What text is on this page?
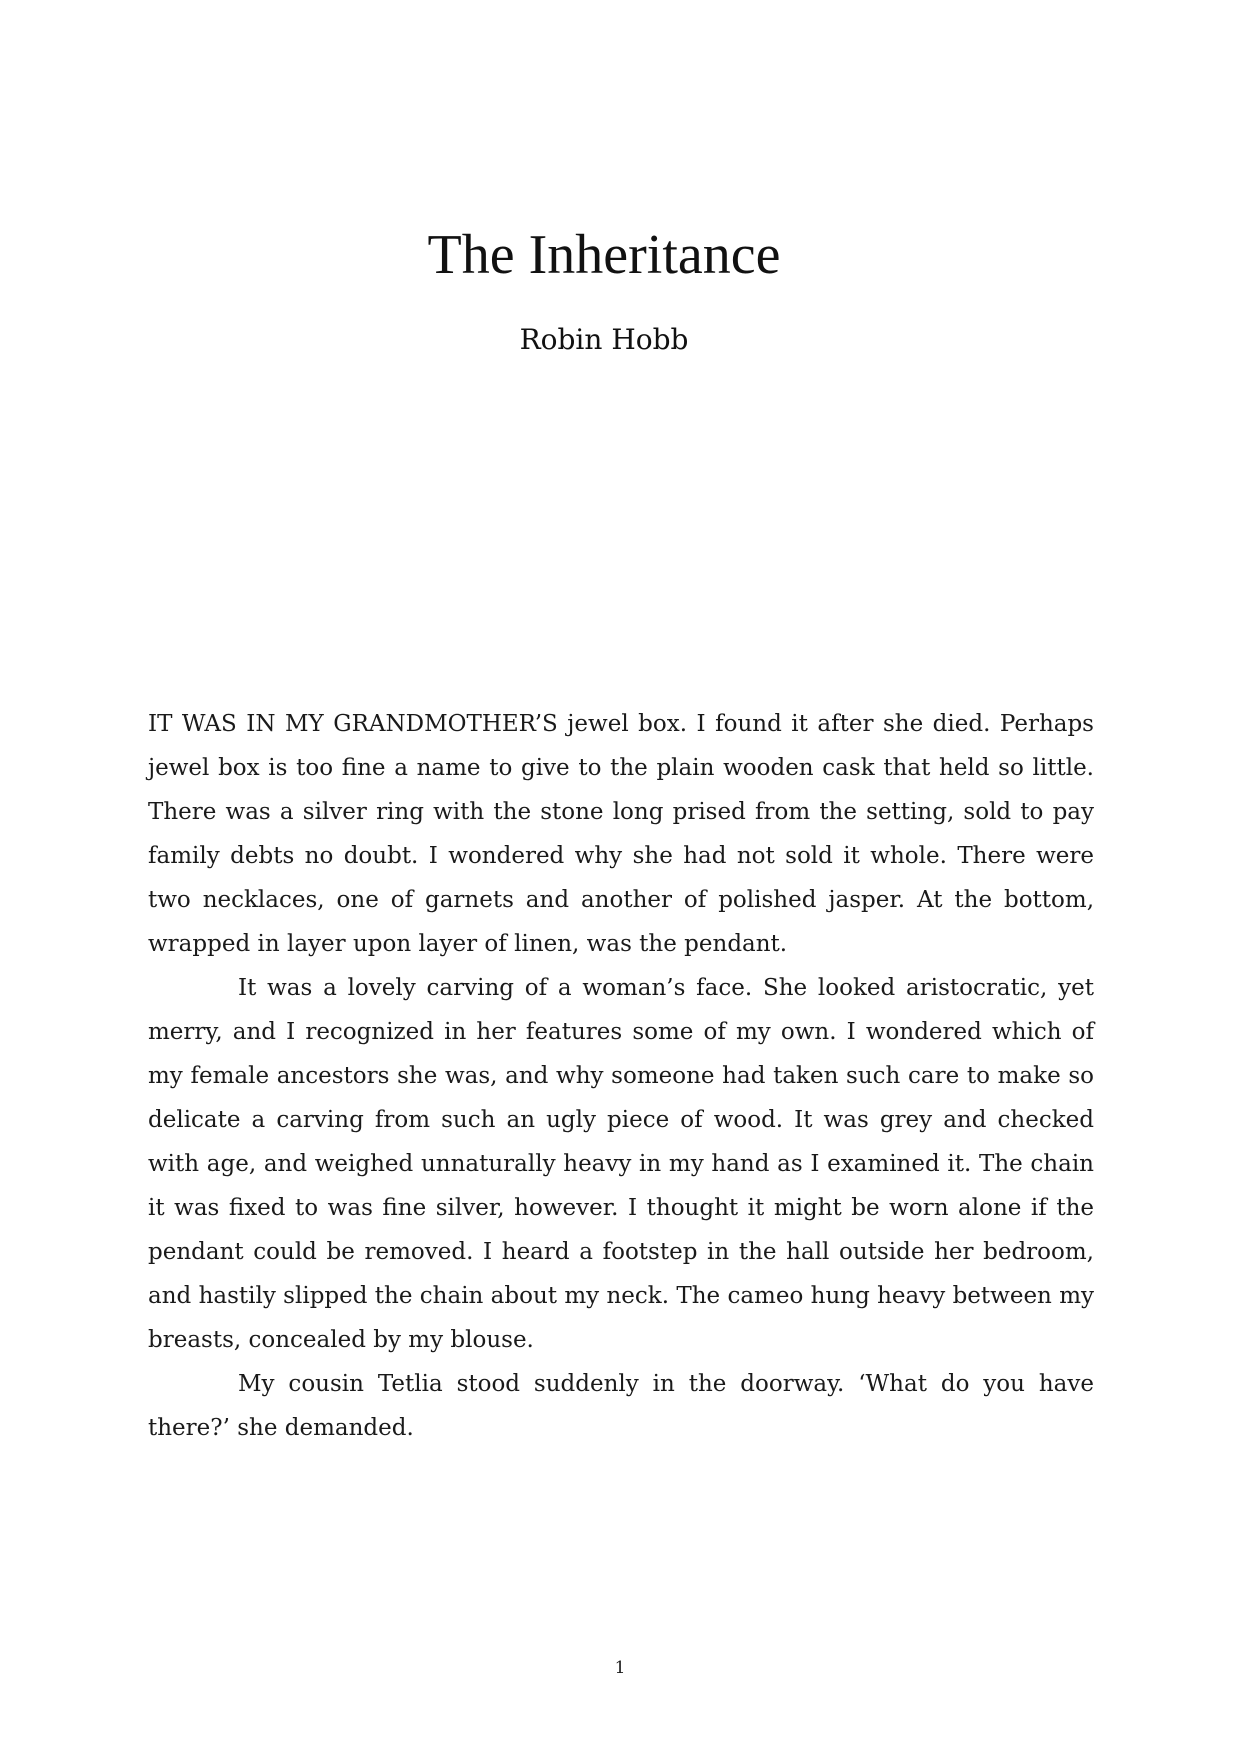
The Inheritance
Robin Hobb

IT WAS IN MY GRANDMOTHER’S jewel box. I found it after she died. Perhaps jewel box is too fine a name to give to the plain wooden cask that held so little. There was a silver ring with the stone long prised from the setting, sold to pay family debts no doubt. I wondered why she had not sold it whole. There were two necklaces, one of garnets and another of polished jasper. At the bottom, wrapped in layer upon layer of linen, was the pendant.

It was a lovely carving of a woman’s face. She looked aristocratic, yet merry, and I recognized in her features some of my own. I wondered which of my female ancestors she was, and why someone had taken such care to make so delicate a carving from such an ugly piece of wood. It was grey and checked with age, and weighed unnaturally heavy in my hand as I examined it. The chain it was fixed to was fine silver, however. I thought it might be worn alone if the pendant could be removed. I heard a footstep in the hall outside her bedroom, and hastily slipped the chain about my neck. The cameo hung heavy between my breasts, concealed by my blouse.

My cousin Tetlia stood suddenly in the doorway. ‘What do you have there?’ she demanded.

1
